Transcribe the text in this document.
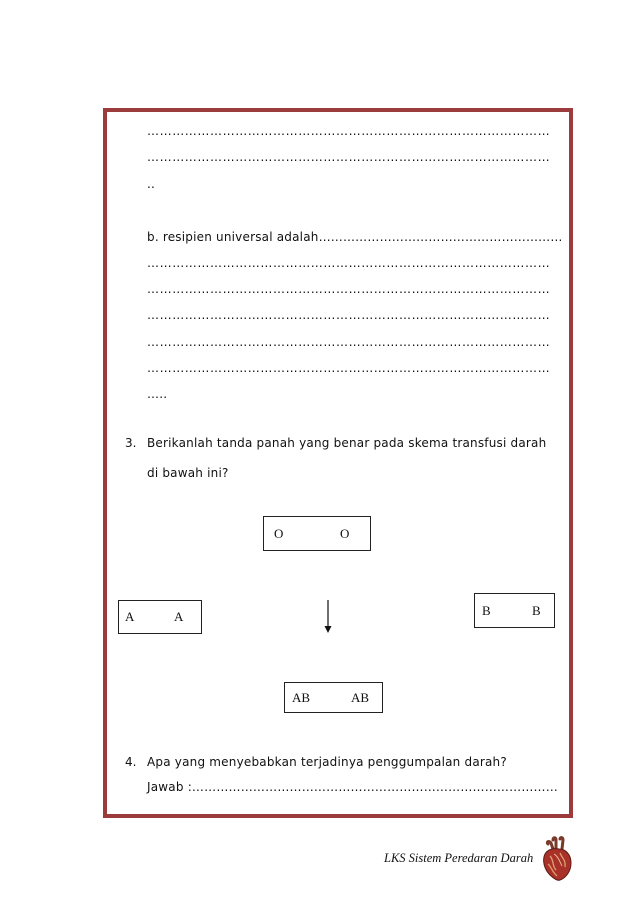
……………………………………………………………………………………
……………………………………………………………………………………
..
b. resipien universal adalah……………………………………………………
……………………………………………………………………………………
……………………………………………………………………………………
……………………………………………………………………………………
……………………………………………………………………………………
……………………………………………………………………………………
…..
3. Berikanlah tanda panah yang benar pada skema transfusi darah
di bawah ini?
O	O
A	A	B	B
AB	AB
4. Apa yang menyebabkan terjadinya penggumpalan darah?
Jawab :………………………………………………………………………………
LKS Sistem Peredaran Darah
